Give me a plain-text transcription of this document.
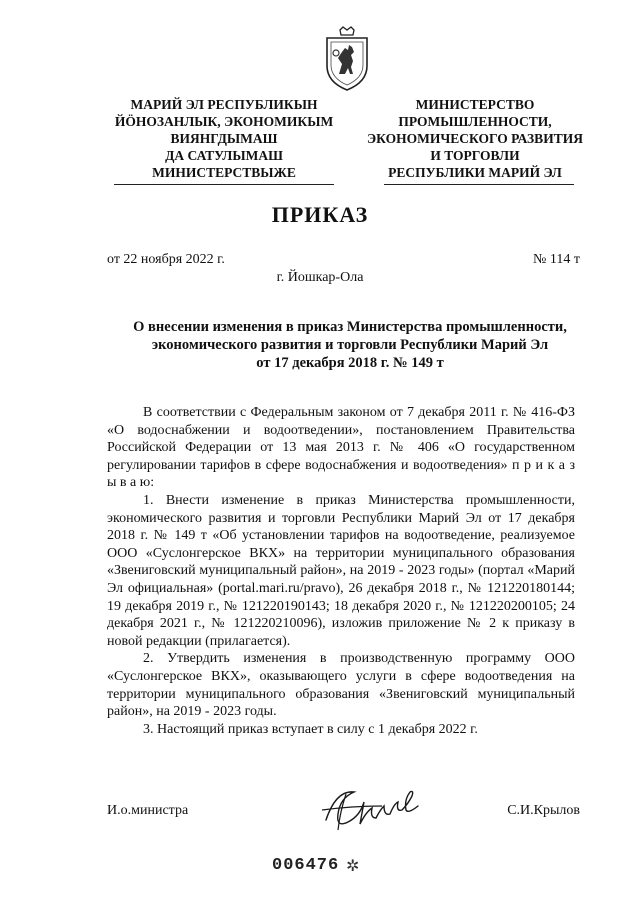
МАРИЙ ЭЛ РЕСПУБЛИКЫН
ЙÖНОЗАНЛЫК, ЭКОНОМИКЫМ
ВИЯНГДЫМАШ
ДА САТУЛЫМАШ
МИНИСТЕРСТВЫЖЕ
МИНИСТЕРСТВО
ПРОМЫШЛЕННОСТИ,
ЭКОНОМИЧЕСКОГО РАЗВИТИЯ
И ТОРГОВЛИ
РЕСПУБЛИКИ МАРИЙ ЭЛ
ПРИКАЗ
от 22 ноября 2022 г.	№ 114 т
г. Йошкар-Ола
О внесении изменения в приказ Министерства промышленности,
экономического развития и торговли Республики Марий Эл
от 17 декабря 2018 г. № 149 т

В соответствии с Федеральным законом от 7 декабря 2011 г. № 416-ФЗ «О водоснабжении и водоотведении», постановлением Правительства Российской Федерации от 13 мая 2013 г. № 406 «О государственном регулировании тарифов в сфере водоснабжения и водоотведения» п р и к а з ы в а ю:

1. Внести изменение в приказ Министерства промышленности, экономического развития и торговли Республики Марий Эл от 17 декабря 2018 г. № 149 т «Об установлении тарифов на водоотведение, реализуемое ООО «Суслонгерское ВКХ» на территории муниципального образования «Звениговский муниципальный район», на 2019 - 2023 годы» (портал «Марий Эл официальная» (portal.mari.ru/pravo), 26 декабря 2018 г., № 121220180144; 19 декабря 2019 г., № 121220190143; 18 декабря 2020 г., № 121220200105; 24 декабря 2021 г., № 121220210096), изложив приложение № 2 к приказу в новой редакции (прилагается).

2. Утвердить изменения в производственную программу ООО «Суслонгерское ВКХ», оказывающего услуги в сфере водоотведения на территории муниципального образования «Звениговский муниципальный район», на 2019 - 2023 годы.

3. Настоящий приказ вступает в силу с 1 декабря 2022 г.

И.о.министра	С.И.Крылов
006476 ✲
